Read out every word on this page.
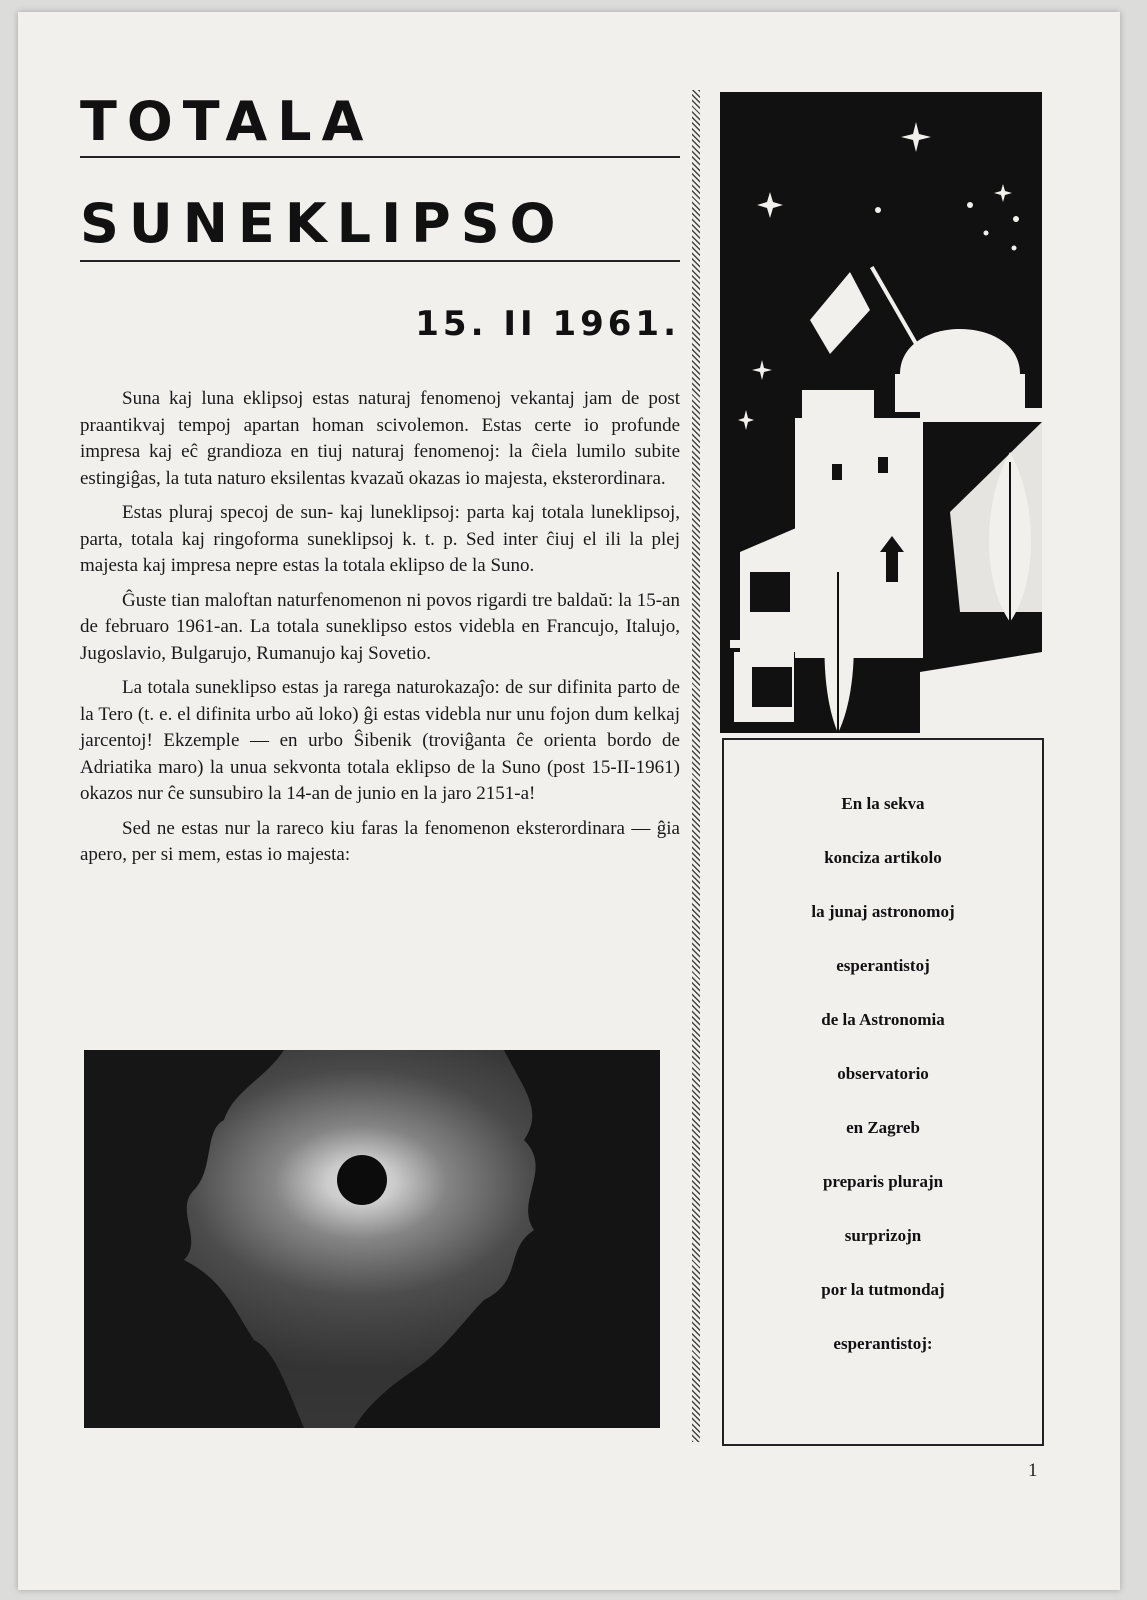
TOTALA
SUNEKLIPSO
15. II 1961.

Suna kaj luna eklipsoj estas naturaj fenomenoj vekantaj jam de post praantikvaj tempoj apartan homan scivolemon. Estas certe io profunde impresa kaj eĉ grandioza en tiuj naturaj fenomenoj: la ĉiela lumilo subite estingiĝas, la tuta naturo eksilentas kvazaŭ okazas io majesta, eksterordinara.

Estas pluraj specoj de sun- kaj luneklipsoj: parta kaj totala luneklipsoj, parta, totala kaj ringoforma suneklipsoj k. t. p. Sed inter ĉiuj el ili la plej majesta kaj impresa nepre estas la totala eklipso de la Suno.

Ĝuste tian maloftan naturfenomenon ni povos rigardi tre baldaŭ: la 15-an de februaro 1961-an. La totala suneklipso estos videbla en Francujo, Italujo, Jugoslavio, Bulgarujo, Rumanujo kaj Sovetio.

La totala suneklipso estas ja rarega naturokazaĵo: de sur difinita parto de la Tero (t. e. el difinita urbo aŭ loko) ĝi estas videbla nur unu fojon dum kelkaj jarcentoj! Ekzemple — en urbo Ŝibenik (troviĝanta ĉe orienta bordo de Adriatika maro) la unua sekvonta totala eklipso de la Suno (post 15-II-1961) okazos nur ĉe sunsubiro la 14-an de junio en la jaro 2151-a!

Sed ne estas nur la rareco kiu faras la fenomenon eksterordinara — ĝia apero, per si mem, estas io majesta:

En la sekva
konciza artikolo
la junaj astronomoj
esperantistoj
de la Astronomia
observatorio
en Zagreb
preparis plurajn
surprizojn
por la tutmondaj
esperantistoj:
1
